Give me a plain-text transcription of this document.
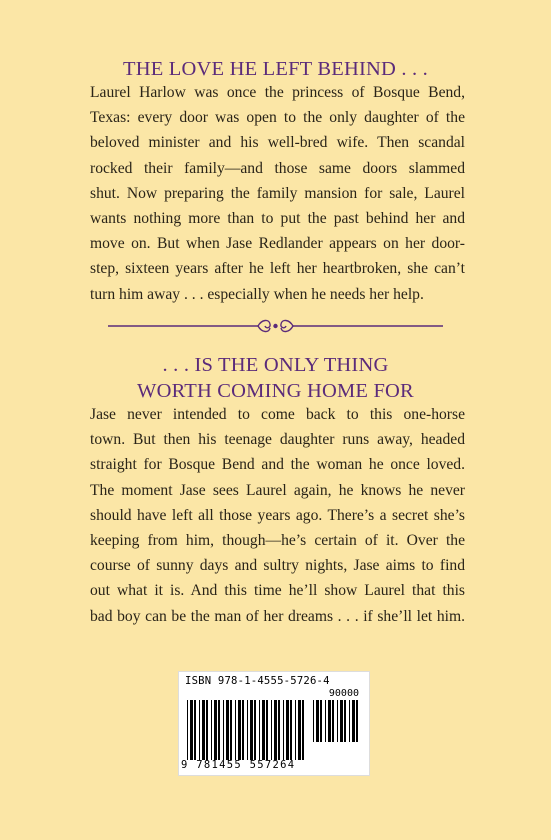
THE LOVE HE LEFT BEHIND . . .
Laurel Harlow was once the princess of Bosque Bend,
Texas: every door was open to the only daughter of the
beloved minister and his well-bred wife. Then scandal
rocked their family—and those same doors slammed
shut. Now preparing the family mansion for sale, Laurel
wants nothing more than to put the past behind her and
move on. But when Jase Redlander appears on her door-
step, sixteen years after he left her heartbroken, she can’t
turn him away . . . especially when he needs her help.
. . . IS THE ONLY THING
WORTH COMING HOME FOR
Jase never intended to come back to this one-horse
town. But then his teenage daughter runs away, headed
straight for Bosque Bend and the woman he once loved.
The moment Jase sees Laurel again, he knows he never
should have left all those years ago. There’s a secret she’s
keeping from him, though—he’s certain of it. Over the
course of sunny days and sultry nights, Jase aims to find
out what it is. And this time he’ll show Laurel that this
bad boy can be the man of her dreams . . . if she’ll let him.
ISBN 978-1-4555-5726-4
90000
9 781455 557264
